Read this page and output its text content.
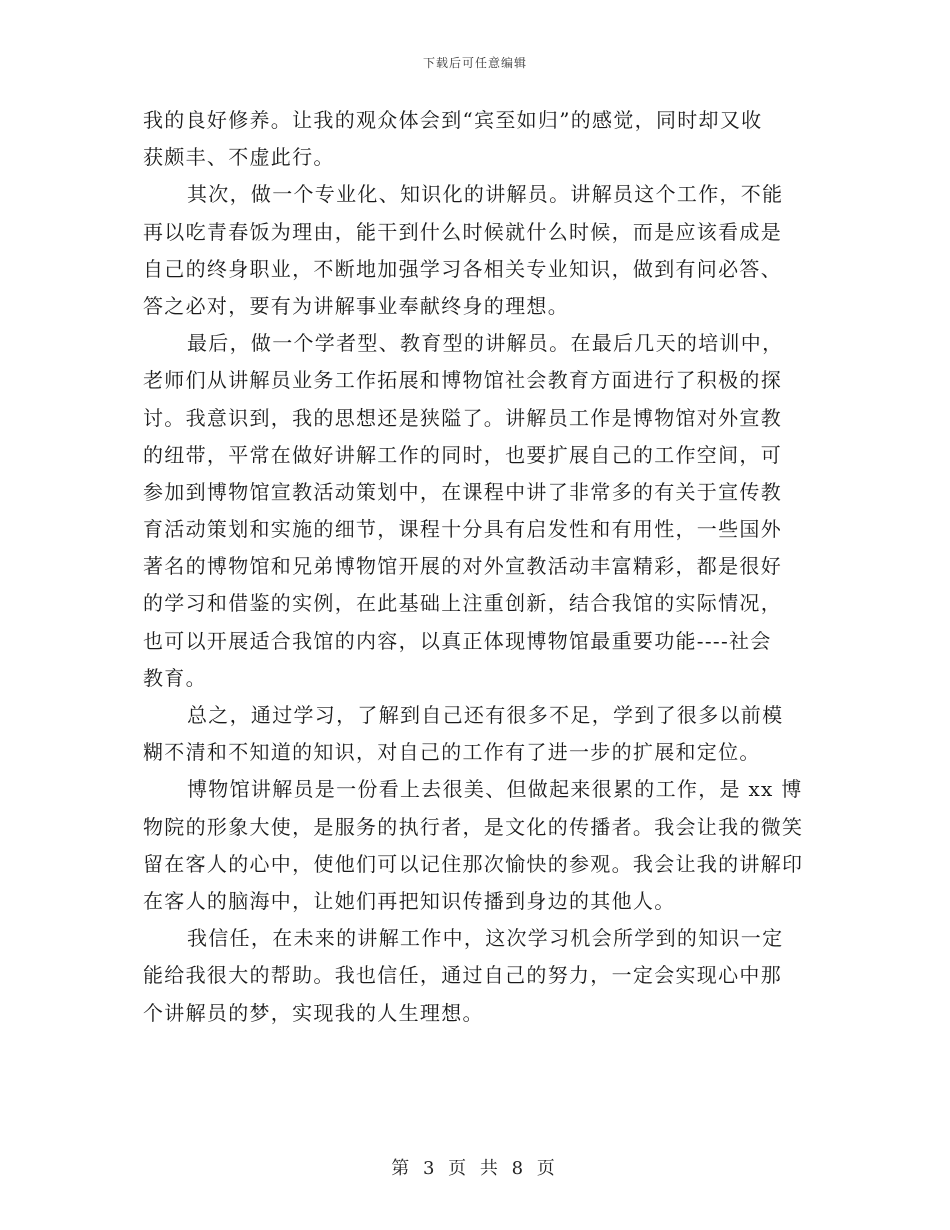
下载后可任意编辑
我的良好修养。让我的观众体会到“宾至如归”的感觉，同时却又收
获颇丰、不虚此行。
其次，做一个专业化、知识化的讲解员。讲解员这个工作，不能
再以吃青春饭为理由，能干到什么时候就什么时候，而是应该看成是
自己的终身职业，不断地加强学习各相关专业知识，做到有问必答、
答之必对，要有为讲解事业奉献终身的理想。
最后，做一个学者型、教育型的讲解员。在最后几天的培训中，
老师们从讲解员业务工作拓展和博物馆社会教育方面进行了积极的探
讨。我意识到，我的思想还是狭隘了。讲解员工作是博物馆对外宣教
的纽带，平常在做好讲解工作的同时，也要扩展自己的工作空间，可
参加到博物馆宣教活动策划中，在课程中讲了非常多的有关于宣传教
育活动策划和实施的细节，课程十分具有启发性和有用性，一些国外
著名的博物馆和兄弟博物馆开展的对外宣教活动丰富精彩，都是很好
的学习和借鉴的实例，在此基础上注重创新，结合我馆的实际情况，
也可以开展适合我馆的内容，以真正体现博物馆最重要功能----社会
教育。
总之，通过学习，了解到自己还有很多不足，学到了很多以前模
糊不清和不知道的知识，对自己的工作有了进一步的扩展和定位。
博物馆讲解员是一份看上去很美、但做起来很累的工作，是 xx 博
物院的形象大使，是服务的执行者，是文化的传播者。我会让我的微笑
留在客人的心中，使他们可以记住那次愉快的参观。我会让我的讲解印
在客人的脑海中，让她们再把知识传播到身边的其他人。
我信任，在未来的讲解工作中，这次学习机会所学到的知识一定
能给我很大的帮助。我也信任，通过自己的努力，一定会实现心中那
个讲解员的梦，实现我的人生理想。
第 3 页 共 8 页
